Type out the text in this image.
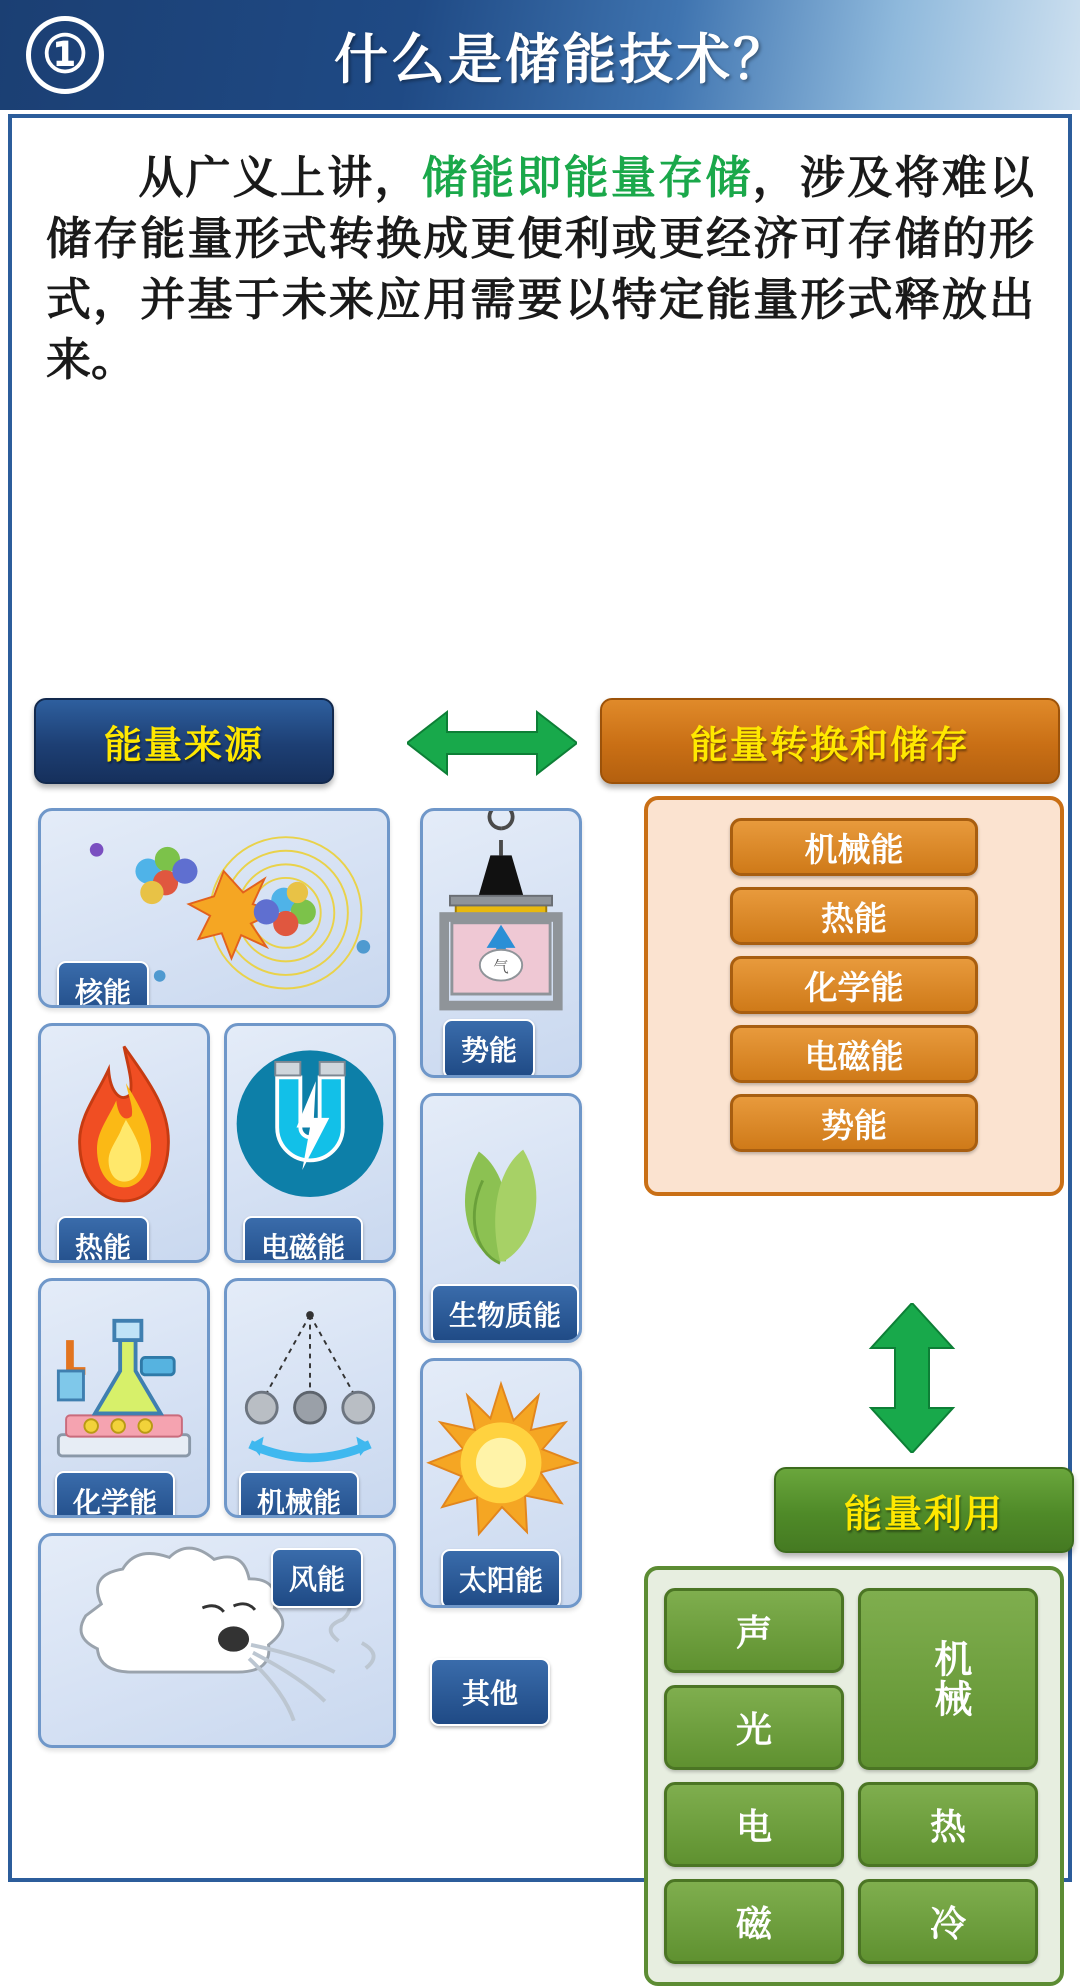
①	什么是储能技术？
从广义上讲，储能即能量存储，涉及将难以储存能量形式转换成更便利或更经济可存储的形式，并基于未来应用需要以特定能量形式释放出来。
能量来源	能量转换和储存
能量利用
核能
热能	电磁能
化学能	机械能
风能
气
势能
生物质能
太阳能
其他
机械能
热能
化学能
电磁能
势能
声
机械
光
电	热
磁	冷
